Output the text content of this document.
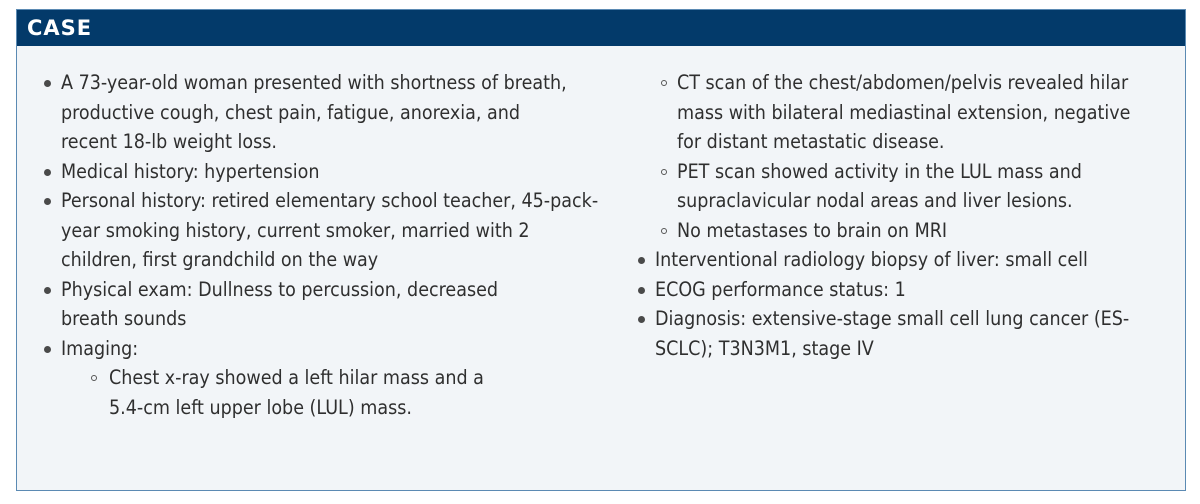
CASE
A 73-year-old woman presented with shortness of breath, productive cough, chest pain, fatigue, anorexia, and recent 18-lb weight loss.
Medical history: hypertension
Personal history: retired elementary school teacher, 45-pack-year smoking history, current smoker, married with 2 children, first grandchild on the way
Physical exam: Dullness to percussion, decreased breath sounds
Imaging:
Chest x-ray showed a left hilar mass and a 5.4-cm left upper lobe (LUL) mass.
CT scan of the chest/abdomen/pelvis revealed hilar mass with bilateral mediastinal extension, negative for distant metastatic disease.
PET scan showed activity in the LUL mass and supraclavicular nodal areas and liver lesions.
No metastases to brain on MRI
Interventional radiology biopsy of liver: small cell
ECOG performance status: 1
Diagnosis: extensive-stage small cell lung cancer (ES-SCLC); T3N3M1, stage IV
